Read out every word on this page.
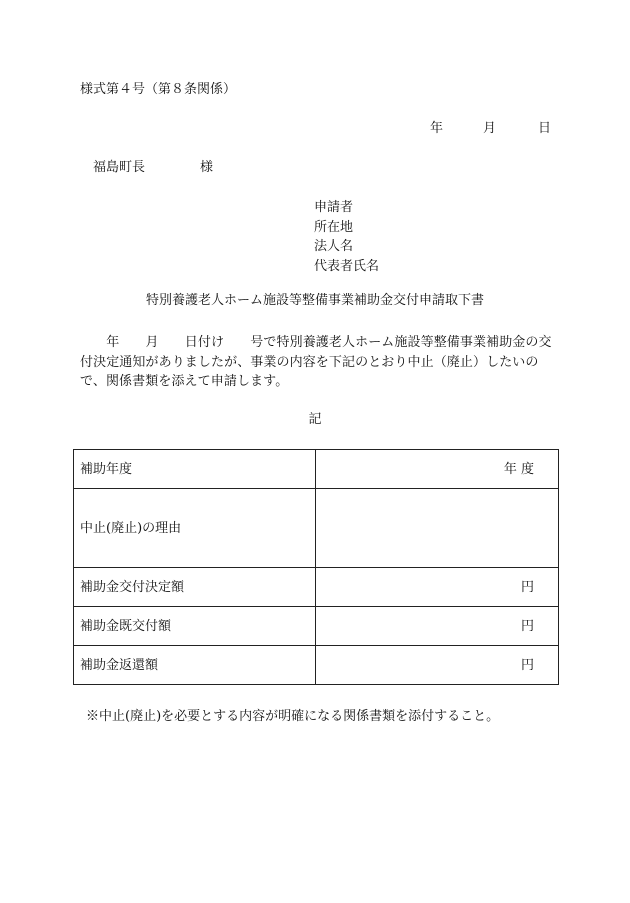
様式第４号（第８条関係）
年	月	日
福島町長	様
申請者
所在地
法人名
代表者氏名
特別養護老人ホーム施設等整備事業補助金交付申請取下書
　　年　　月　　日付け　　号で特別養護老人ホーム施設等整備事業補助金の交付決定通知がありましたが、事業の内容を下記のとおり中止（廃止）したいので、関係書類を添えて申請します。
記
補助年度	年 度
中止(廃止)の理由	
補助金交付決定額	円
補助金既交付額	円
補助金返還額	円
※中止(廃止)を必要とする内容が明確になる関係書類を添付すること。
